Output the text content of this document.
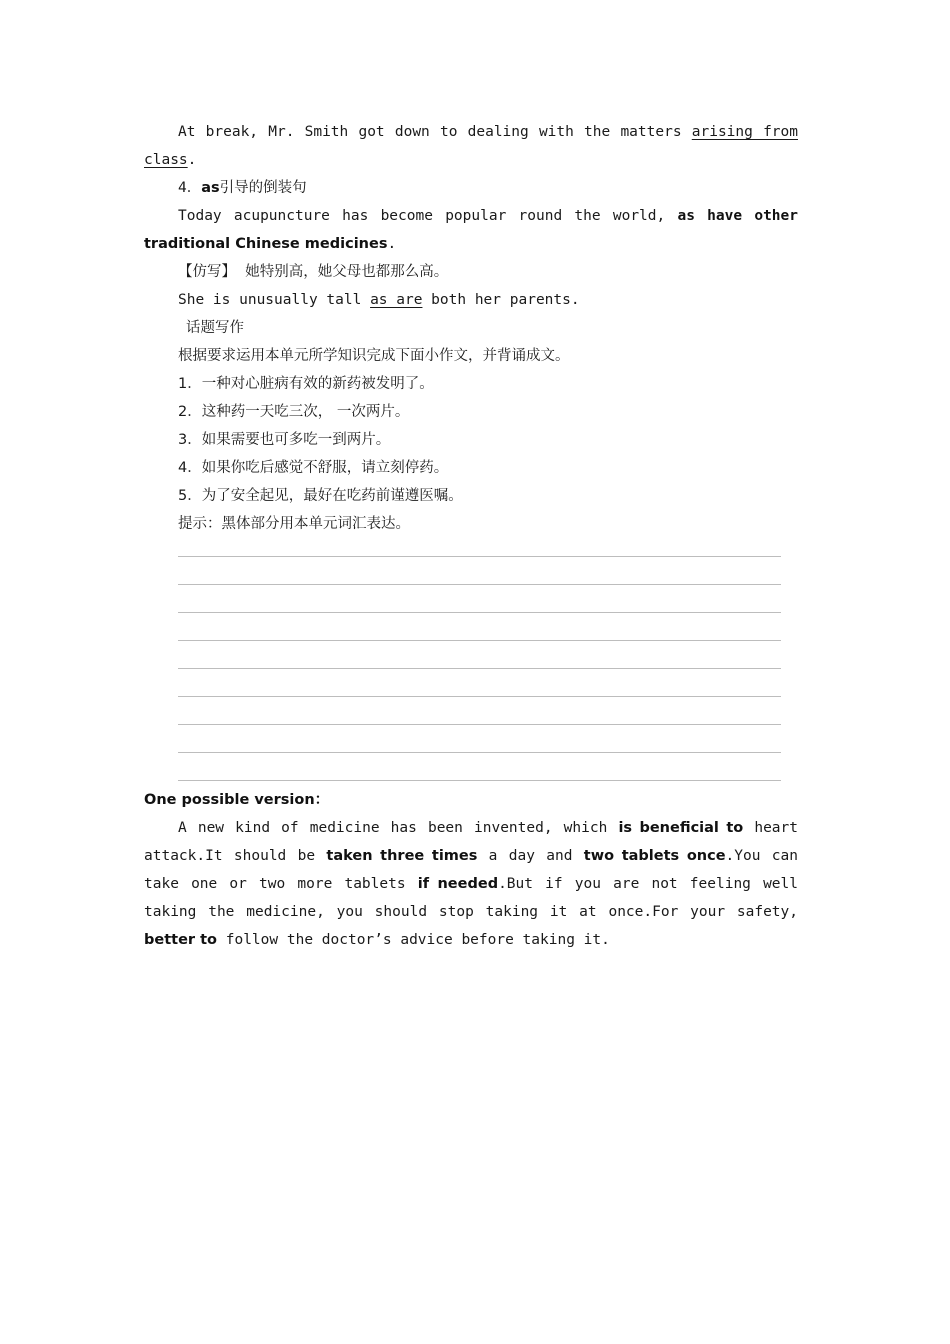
At break, Mr. Smith got down to dealing with the matters arising from
class.
4．as引导的倒装句
Today acupuncture has become popular round the world, as have other
traditional Chinese medicines.
【仿写】 她特别高，她父母也都那么高。
She is unusually tall as are both her parents.
话题写作
根据要求运用本单元所学知识完成下面小作文，并背诵成文。
1．一种对心脏病有效的新药被发明了。
2．这种药一天吃三次， 一次两片。
3．如果需要也可多吃一到两片。
4．如果你吃后感觉不舒服，请立刻停药。
5．为了安全起见，最好在吃药前谨遵医嘱。
提示：黑体部分用本单元词汇表达。
One possible version：
A new kind of medicine has been invented, which is beneficial to heart
attack.It should be taken three times a day and two tablets once.You can
take one or two more tablets if needed.But if you are not feeling well
taking the medicine, you should stop taking it at once.For your safety,
better to follow the doctor’s advice before taking it.
